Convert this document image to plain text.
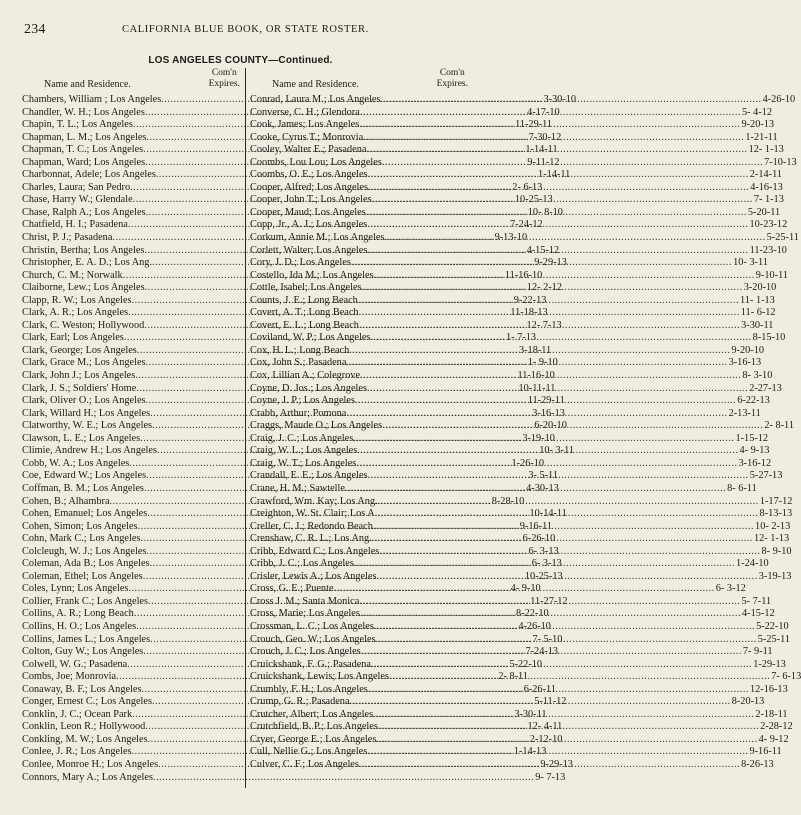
234	CALIFORNIA BLUE BOOK, OR STATE ROSTER.
LOS ANGELES COUNTY—Continued.
Name and Residence.
Com'n
Expires.
Chambers, William ; Los Angeles .....	3-30-10
Chandler, W. H.; Los Angeles .....	4-17-10
Chapin, T. L.; Los Angeles .....	11-29-11
Chapman, L. M.; Los Angeles .....	7-30-12
Chapman, T. C.; Los Angeles .....	1-14-11
Chapman, Ward; Los Angeles .....	9-11-12
Charbonnat, Adele; Los Angeles .....	1-14-11
Charles, Laura; San Pedro .....	2- 6-13
Chase, Harry W.; Glendale .....	10-25-13
Chase, Ralph A.; Los Angeles .....	10- 8-10
Chatfield, H. I.; Pasadena .....	7-24-12
Christ, P. J.; Pasadena .....	9-13-10
Christin, Bertha; Los Angeles .....	4-15-12
Christopher, E. A. D.; Los Ang. .....	9-29-13
Church, C. M.; Norwalk .....	11-16-10
Claiborne, Lew.; Los Angeles .....	12- 2-12
Clapp, R. W.; Los Angeles .....	9-22-13
Clark, A. R.; Los Angeles .....	11-18-13
Clark, C. Weston; Hollywood .....	12- 7-13
Clark, Earl; Los Angeles .....	1- 7-13
Clark, George; Los Angeles .....	3-18-11
Clark, Grace M.; Los Angeles .....	1- 9-10
Clark, John J.; Los Angeles .....	11-16-10
Clark, J. S.; Soldiers' Home .....	10-11-11
Clark, Oliver O.; Los Angeles .....	11-29-11
Clark, Willard H.; Los Angeles .....	3-16-13
Clatworthy, W. E.; Los Angeles .....	6-20-10
Clawson, L. E.; Los Angeles .....	3-19-10
Climie, Andrew H.; Los Angeles .....	10- 3-11
Cobb, W. A.; Los Angeles .....	1-26-10
Coe, Edward W.; Los Angeles .....	3- 5-11
Coffman, B. M.; Los Angeles .....	4-30-13
Cohen, B.; Alhambra .....	8-28-10
Cohen, Emanuel; Los Angeles .....	10-14-11
Cohen, Simon; Los Angeles .....	9-16-11
Cohn, Mark C.; Los Angeles .....	6-26-10
Colcleugh, W. J.; Los Angeles .....	6- 3-13
Coleman, Ada B.; Los Angeles .....	6- 3-13
Coleman, Ethel; Los Angeles .....	10-25-13
Coles, Lynn; Los Angeles .....	4- 9-10
Collier, Frank C.; Los Angeles .....	11-27-12
Collins, A. R.; Long Beach .....	8-22-10
Collins, H. O.; Los Angeles .....	4-26-10
Collins, James L.; Los Angeles .....	7- 5-10
Colton, Guy W.; Los Angeles .....	7-24-13
Colwell, W. G.; Pasadena .....	5-22-10
Combs, Joe; Monrovia .....	2- 8-11
Conaway, B. F.; Los Angeles .....	6-26-11
Conger, Ernest C.; Los Angeles .....	5-11-12
Conklin, J. C.; Ocean Park .....	3-30-11
Conklin, Leon R.; Hollywood .....	12- 4-11
Conkling, M. W.; Los Angeles .....	2-12-10
Conlee, J. R.; Los Angeles .....	1-14-13
Conlee, Monroe H.; Los Angeles .....	9-29-13
Connors, Mary A.; Los Angeles .....	9- 7-13
Name and Residence.
Com'n
Expires.
Conrad, Laura M.; Los Angeles .....	4-26-10
Converse, C. H.; Glendora .....	5- 4-12
Cook, James; Los Angeles .....	9-20-13
Cooke, Cyrus T.; Monrovia .....	1-21-11
Cooley, Walter E.; Pasadena .....	12- 1-13
Coombs, Lou Lou; Los Angeles .....	7-10-13
Coombs, O. E.; Los Angeles .....	2-14-11
Cooper, Alfred; Los Angeles .....	4-16-13
Cooper, John T.; Los Angeles .....	7- 1-13
Cooper, Maud; Los Angeles .....	5-20-11
Copp, Jr., A. J.; Los Angeles .....	10-23-12
Corkum, Annie M.; Los Angeles .....	5-25-11
Corlett, Walter; Los Angeles .....	11-23-10
Cory, J. D.; Los Angeles .....	10- 3-11
Costello, Ida M.; Los Angeles .....	9-10-11
Cottle, Isabel; Los Angeles .....	3-20-10
Counts, J. E.; Long Beach .....	11- 1-13
Covert, A. T.; Long Beach .....	11- 6-12
Covert, E. L.; Long Beach .....	3-30-11
Coviland, W. P.; Los Angeles .....	8-15-10
Cox, H. L.; Long Beach .....	9-20-10
Cox, John S.; Pasadena .....	3-16-13
Cox, Lillian A.; Colegrove .....	8- 3-10
Coyne, D. Jos.; Los Angeles .....	2-27-13
Coyne, J. P.; Los Angeles .....	6-22-13
Crabb, Arthur; Pomona .....	2-13-11
Craggs, Maude O.; Los Angeles .....	2- 8-11
Craig, J. C.; Los Angeles .....	1-15-12
Craig, W. L.; Los Angeles .....	4- 9-13
Craig, W. T.; Los Angeles .....	3-16-12
Crandall, E. E.; Los Angeles .....	5-27-13
Crane, H. M.; Sawtelle .....	8- 6-11
Crawford, Wm. Kay; Los Ang. .....	1-17-12
Creighton, W. St. Clair; Los A. .....	8-13-13
Creller, C. J.; Redondo Beach .....	10- 2-13
Crenshaw, C. R. L.; Los Ang. .....	12- 1-13
Cribb, Edward C.; Los Angeles .....	8- 9-10
Cribb, J. C.; Los Angeles .....	1-24-10
Crisler, Lewis A.; Los Angeles .....	3-19-13
Cross, G. E.; Puente .....	6- 3-12
Cross J. M.; Santa Monica .....	5- 7-11
Cross, Marie; Los Angeles .....	4-15-12
Crossman, L. C.; Los Angeles .....	5-22-10
Crouch, Geo. W.; Los Angeles .....	5-25-11
Crouch, J. C.; Los Angeles .....	7- 9-11
Cruickshank, F. G.; Pasadena .....	1-29-13
Cruickshank, Lewis; Los Angeles .....	7- 6-13
Crumbly, F. H.; Los Angeles .....	12-16-13
Crump, G. R.; Pasadena .....	8-20-13
Crutcher, Albert; Los Angeles .....	2-18-11
Crutchfield, B. P.; Los Angeles .....	2-28-12
Cryer, George E.; Los Angeles .....	4- 9-12
Cull, Nellie G.; Los Angeles .....	9-16-11
Culver, C. F.; Los Angeles .....	8-26-13
